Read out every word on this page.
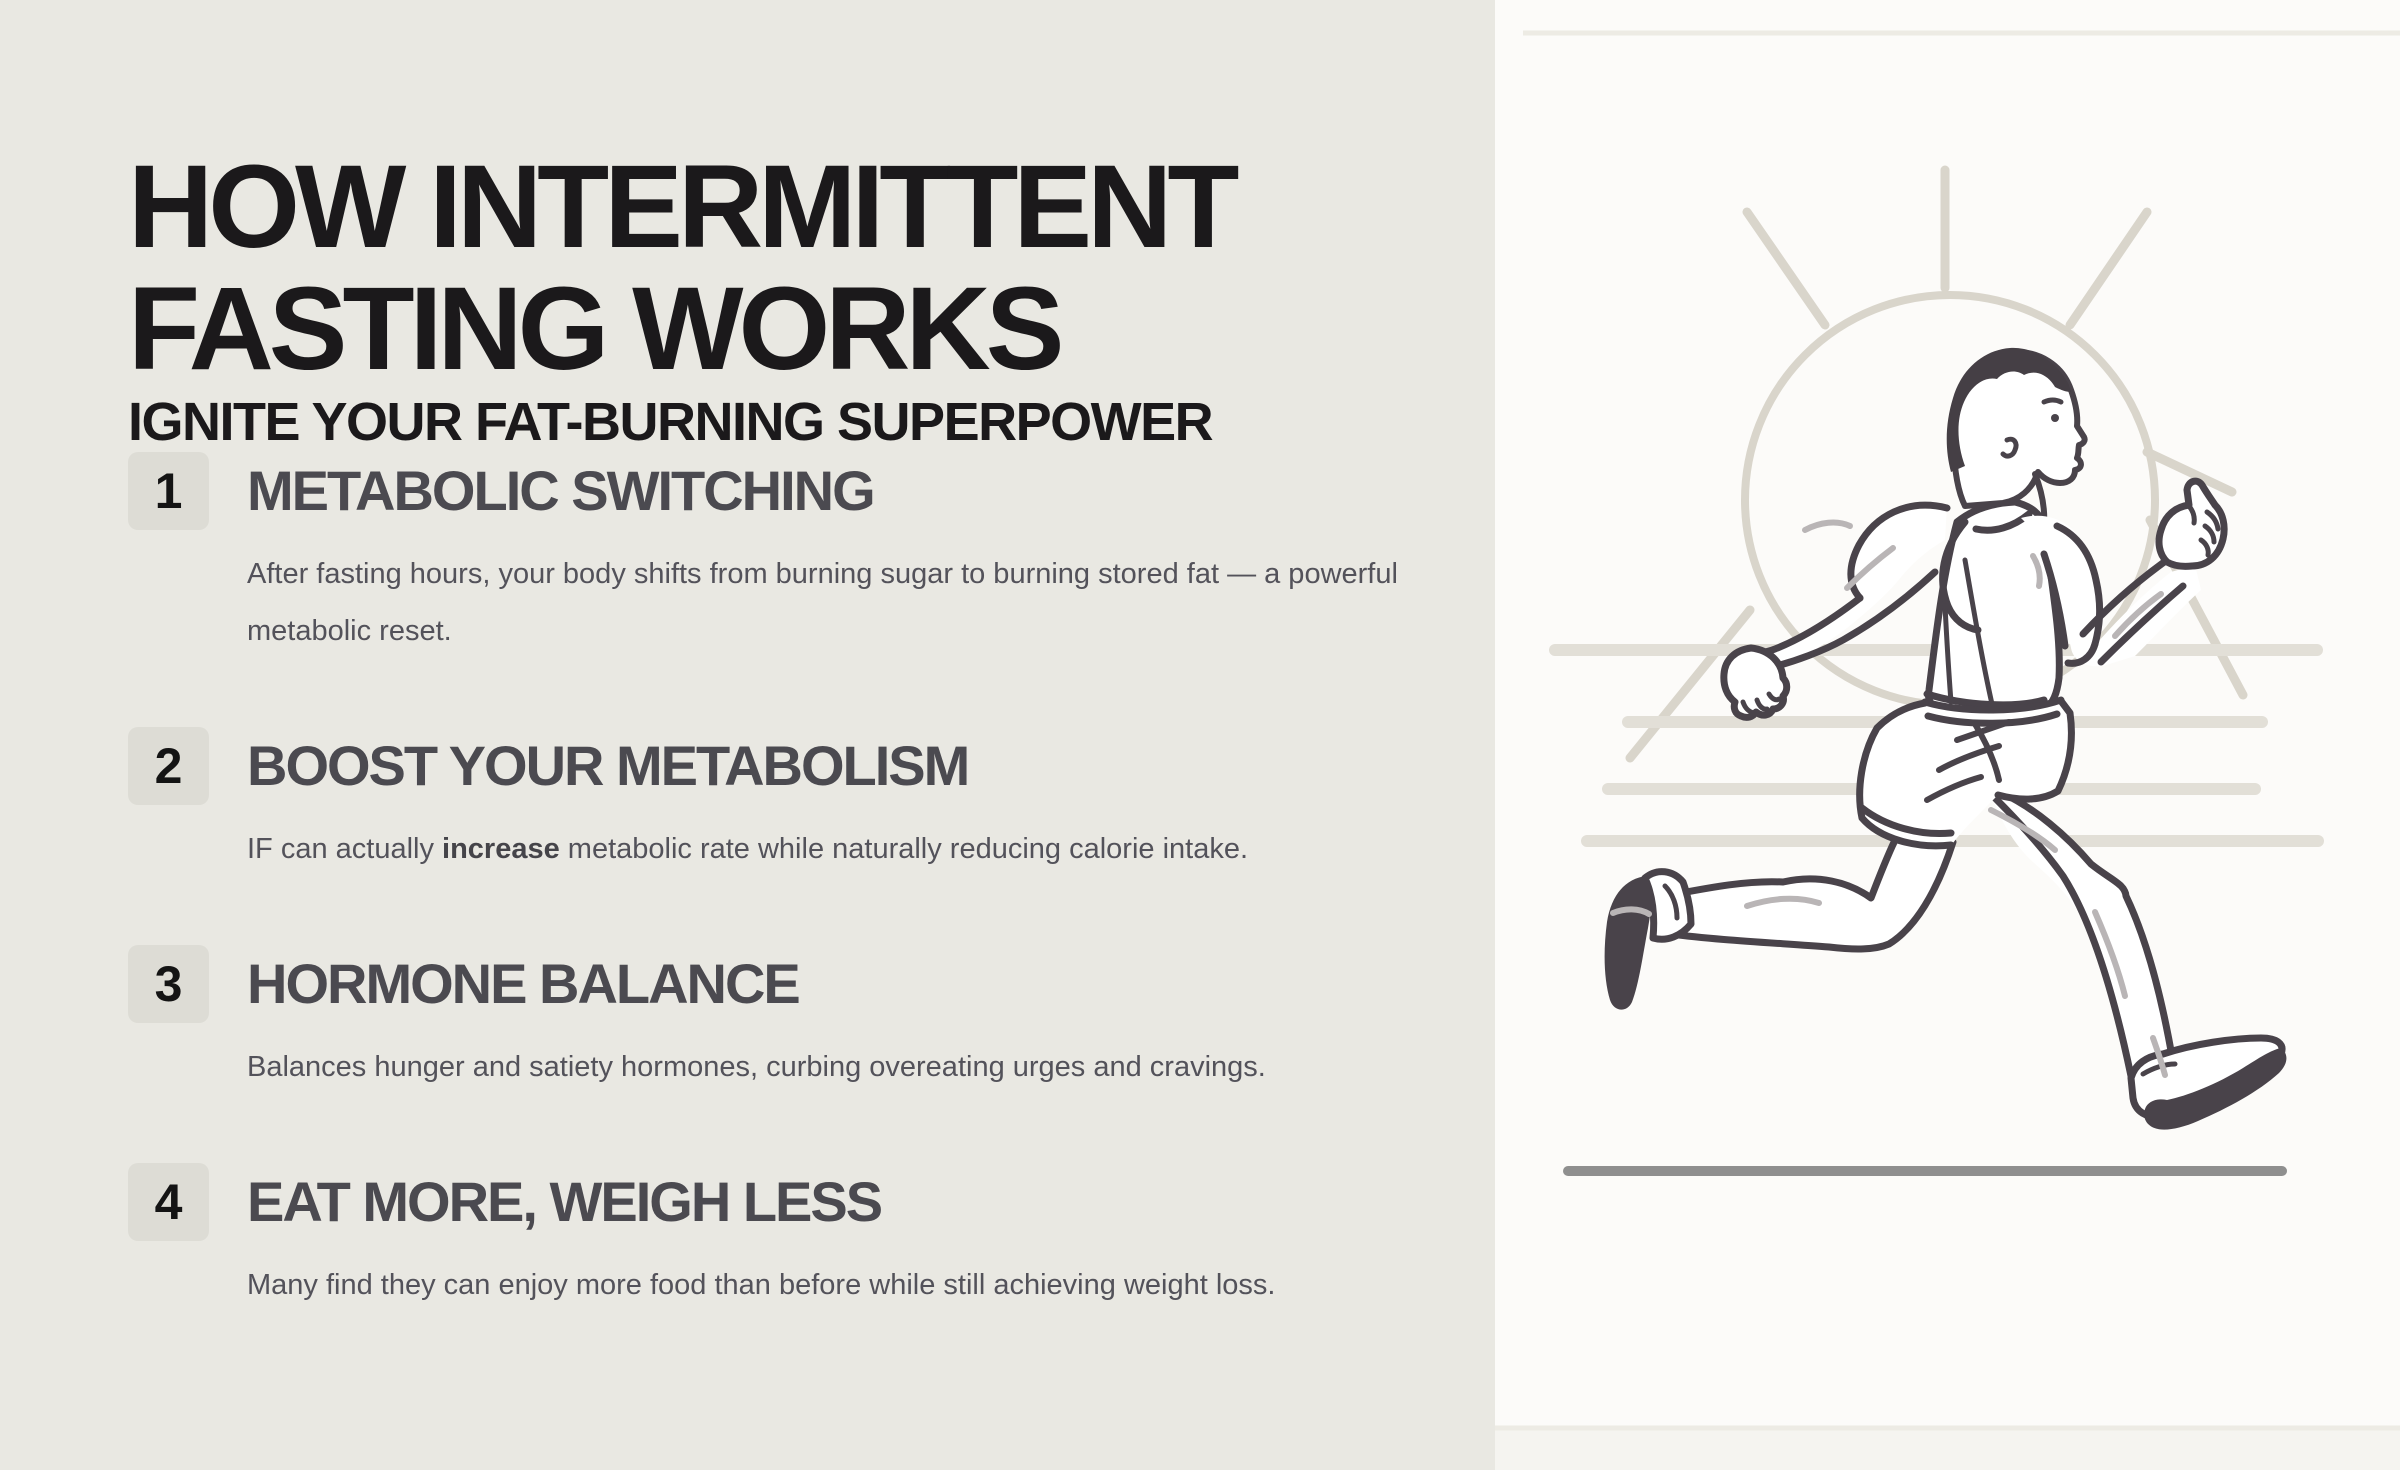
HOW INTERMITTENT
FASTING WORKS
IGNITE YOUR FAT-BURNING SUPERPOWER
1	METABOLIC SWITCHING

After fasting hours, your body shifts from burning sugar to burning stored fat — a powerful metabolic reset.

2	BOOST YOUR METABOLISM

IF can actually increase metabolic rate while naturally reducing calorie intake.

3	HORMONE BALANCE

Balances hunger and satiety hormones, curbing overeating urges and cravings.

4	EAT MORE, WEIGH LESS

Many find they can enjoy more food than before while still achieving weight loss.
